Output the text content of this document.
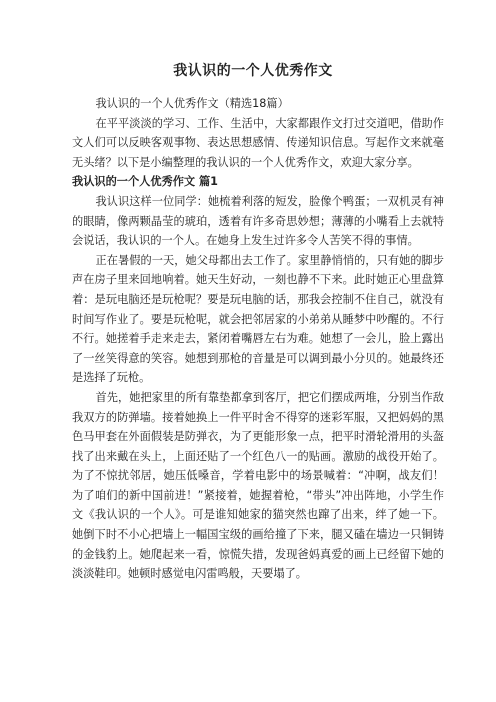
我认识的一个人优秀作文

我认识的一个人优秀作文（精选18篇）

在平平淡淡的学习、工作、生活中，大家都跟作文打过交道吧，借助作文人们可以反映客观事物、表达思想感情、传递知识信息。写起作文来就毫无头绪？以下是小编整理的我认识的一个人优秀作文，欢迎大家分享。

我认识的一个人优秀作文 篇1

我认识这样一位同学：她梳着利落的短发，脸像个鸭蛋；一双机灵有神的眼睛，像两颗晶莹的琥珀，透着有许多奇思妙想；薄薄的小嘴看上去就特会说话，我认识的一个人。在她身上发生过许多令人苦笑不得的事情。

正在暑假的一天，她父母都出去工作了。家里静悄悄的，只有她的脚步声在房子里来回地响着。她天生好动，一刻也静不下来。此时她正心里盘算着：是玩电脑还是玩枪呢？要是玩电脑的话，那我会控制不住自己，就没有时间写作业了。要是玩枪呢，就会把邻居家的小弟弟从睡梦中吵醒的。不行不行。她搓着手走来走去，紧闭着嘴唇左右为难。她想了一会儿，脸上露出了一丝笑得意的笑容。她想到那枪的音量是可以调到最小分贝的。她最终还是选择了玩枪。

首先，她把家里的所有靠垫都拿到客厅，把它们摆成两堆，分别当作敌我双方的防弹墙。接着她换上一件平时舍不得穿的迷彩军服，又把妈妈的黑色马甲套在外面假装是防弹衣，为了更能形象一点，把平时滑轮滑用的头盔找了出来戴在头上，上面还贴了一个红色八一的贴画。激励的战役开始了。为了不惊扰邻居，她压低嗓音，学着电影中的场景喊着：“冲啊，战友们！为了咱们的新中国前进！”紧接着，她握着枪，“带头”冲出阵地，小学生作文《我认识的一个人》。可是谁知她家的猫突然也蹿了出来，绊了她一下。她倒下时不小心把墙上一幅国宝级的画给撞了下来，腿又磕在墙边一只铜铸的金钱豹上。她爬起来一看，惊慌失措，发现爸妈真爱的画上已经留下她的淡淡鞋印。她顿时感觉电闪雷鸣般，天要塌了。
